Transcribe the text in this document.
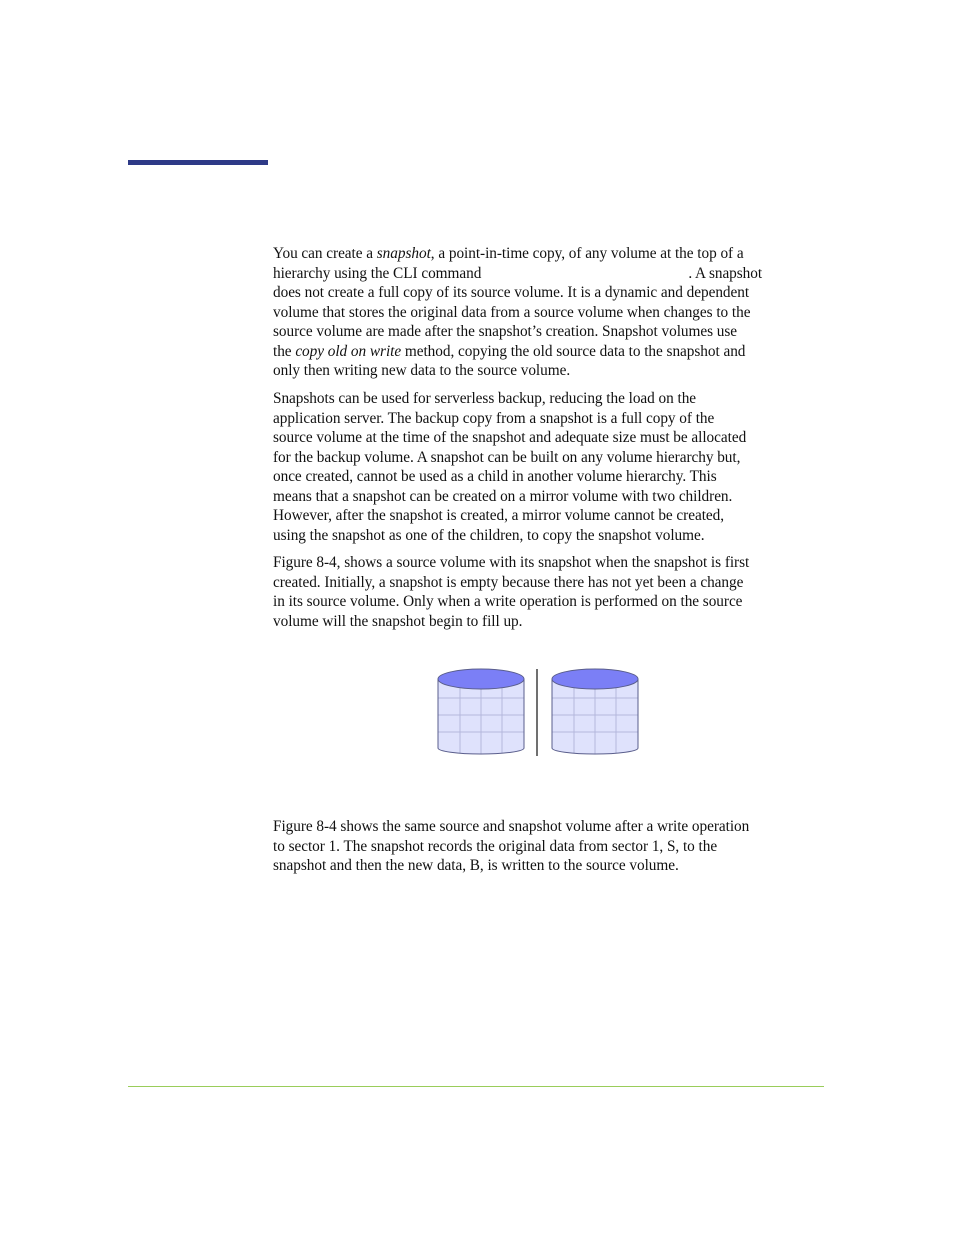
You can create a snapshot, a point-in-time copy, of any volume at the top of a
hierarchy using the CLI command	. A snapshot
does not create a full copy of its source volume. It is a dynamic and dependent
volume that stores the original data from a source volume when changes to the
source volume are made after the snapshot’s creation. Snapshot volumes use
the copy old on write method, copying the old source data to the snapshot and
only then writing new data to the source volume.

Snapshots can be used for serverless backup, reducing the load on the
application server. The backup copy from a snapshot is a full copy of the
source volume at the time of the snapshot and adequate size must be allocated
for the backup volume. A snapshot can be built on any volume hierarchy but,
once created, cannot be used as a child in another volume hierarchy. This
means that a snapshot can be created on a mirror volume with two children.
However, after the snapshot is created, a mirror volume cannot be created,
using the snapshot as one of the children, to copy the snapshot volume.

Figure 8-4, shows a source volume with its snapshot when the snapshot is first
created. Initially, a snapshot is empty because there has not yet been a change
in its source volume. Only when a write operation is performed on the source
volume will the snapshot begin to fill up.

Figure 8-4 shows the same source and snapshot volume after a write operation
to sector 1. The snapshot records the original data from sector 1, S, to the
snapshot and then the new data, B, is written to the source volume.
